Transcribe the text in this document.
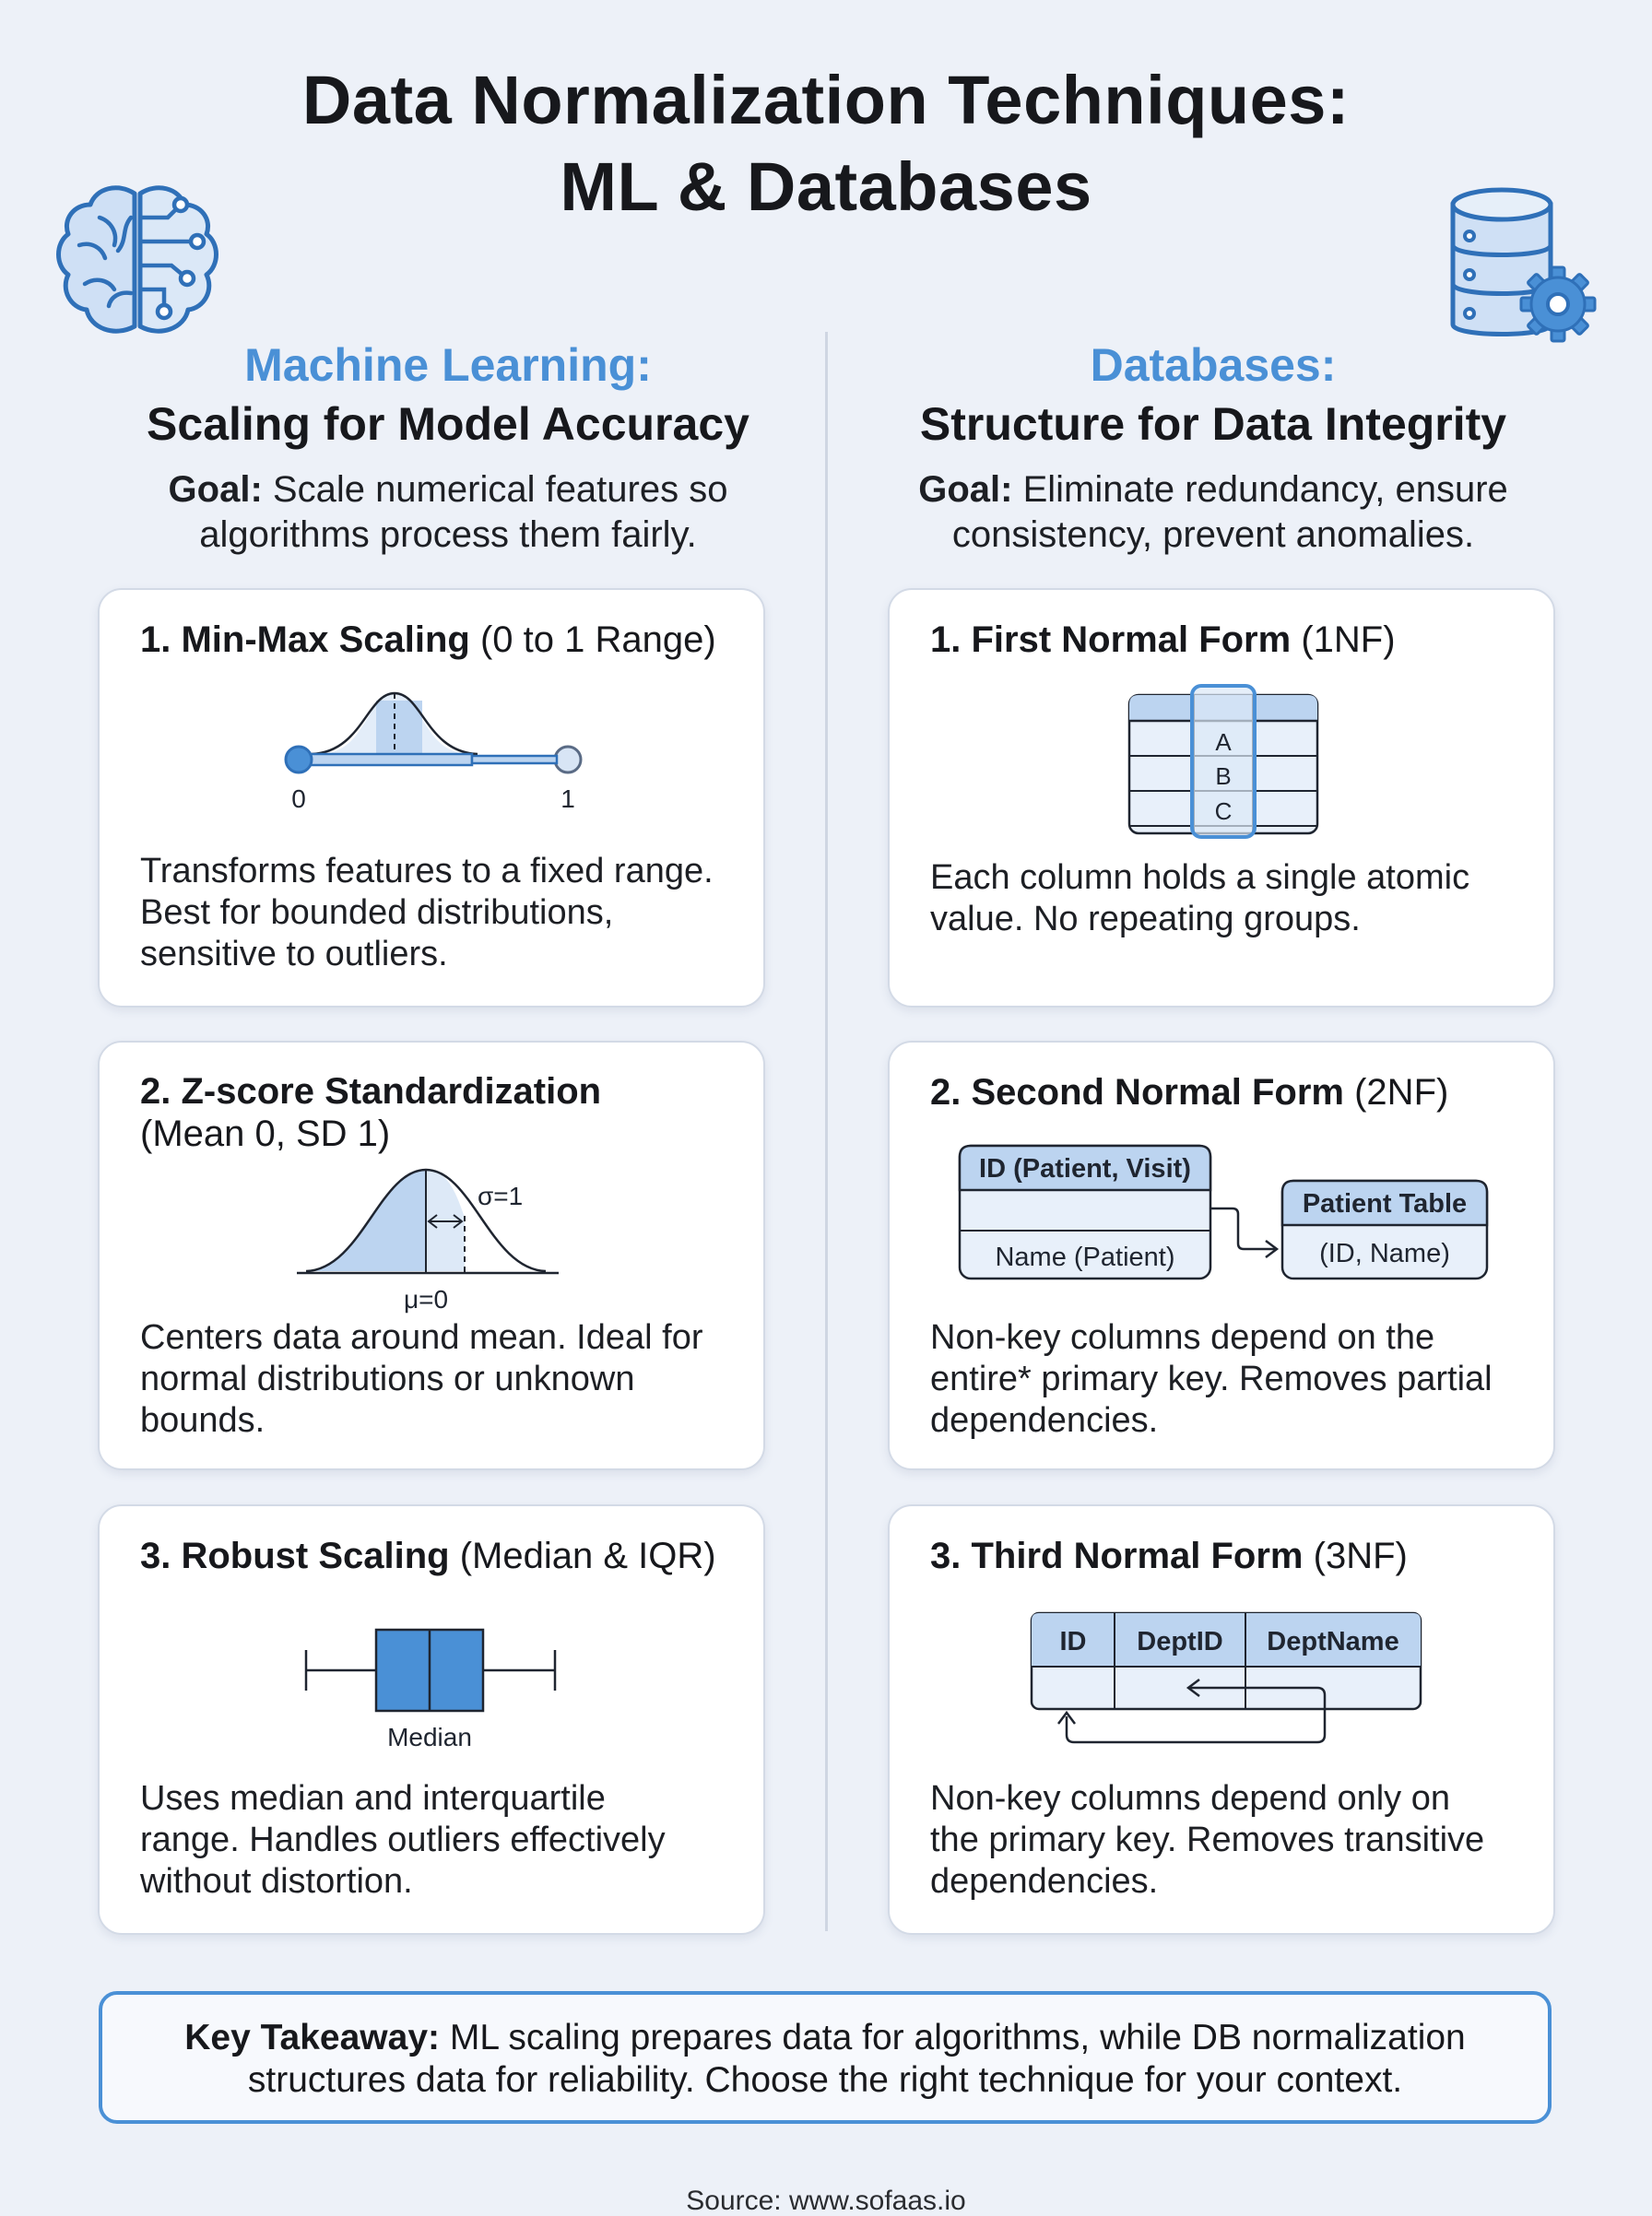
Data Normalization Techniques:
ML & Databases
Machine Learning:
Scaling for Model Accuracy
Goal: Scale numerical features so
algorithms process them fairly.
Databases:
Structure for Data Integrity
Goal: Eliminate redundancy, ensure
consistency, prevent anomalies.
1. Min-Max Scaling (0 to 1 Range)
0	1
Transforms features to a fixed range.
Best for bounded distributions,
sensitive to outliers.
2. Z-score Standardization
(Mean 0, SD 1)
σ=1
μ=0
Centers data around mean. Ideal for
normal distributions or unknown
bounds.
3. Robust Scaling (Median & IQR)
Median
Uses median and interquartile
range. Handles outliers effectively
without distortion.
1. First Normal Form (1NF)
A
B
C
Each column holds a single atomic
value. No repeating groups.
2. Second Normal Form (2NF)
ID (Patient, Visit)
Name (Patient)
Patient Table
(ID, Name)
Non-key columns depend on the
entire* primary key. Removes partial
dependencies.
3. Third Normal Form (3NF)
ID DeptID DeptName
Non-key columns depend only on
the primary key. Removes transitive
dependencies.
Key Takeaway: ML scaling prepares data for algorithms, while DB normalization
structures data for reliability. Choose the right technique for your context.
Source: www.sofaas.io
